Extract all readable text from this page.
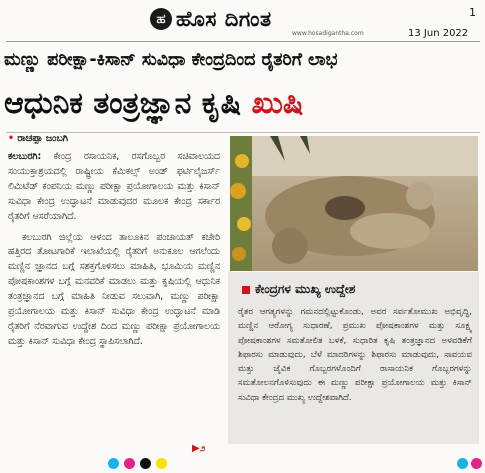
ಹ ಹೊಸ ದಿಗಂತ	1
www.hosadigantha.com	13 Jun 2022
ಮಣ್ಣು ಪರೀಕ್ಷಾ-ಕಿಸಾನ್ ಸುವಿಧಾ ಕೇಂದ್ರದಿಂದ ರೈತರಿಗೆ ಲಾಭ
ಆಧುನಿಕ ತಂತ್ರಜ್ಞಾನ ಕೃಷಿ ಖುಷಿ
• ರಾಚಪ್ಪಾ ಜಂಬಗಿ

ಕಲಬುರಗಿ: ಕೇಂದ್ರ ರಸಾಯನಿಕ, ರಸಗೊಬ್ಬರ ಸಚಿವಾಲಯದ ಸಂಯುಕ್ತಾಶ್ರಯದಲ್ಲಿ ರಾಷ್ಟ್ರೀಯ ಕೆಮಿಕಲ್ಸ್ ಅಂಡ್ ಫರ್ಟಿಲೈಜರ್ಸ್ ಲಿಮಿಟೆಡ್ ಕಂಪನಿಯ ಮಣ್ಣು ಪರೀಕ್ಷಾ ಪ್ರಯೋಗಾಲಯ ಮತ್ತು ಕಿಸಾನ್ ಸುವಿಧಾ ಕೇಂದ್ರ ಉದ್ಘಾಟನೆ ಮಾಡುವುದರ ಮೂಲಕ ಕೇಂದ್ರ ಸರ್ಕಾರ ರೈತರಿಗೆ ಆಸರೆಯಾಗಿದೆ.

ಕಲಬುರಗಿ ಜಿಲ್ಲೆಯ ಆಳಂದ ತಾಲೂಕಿನ ಪಂಚಾಯತ್ ಕಚೇರಿ ಹತ್ತಿರದ ತೋಟಗಾರಿಕೆ ಇಲಾಖೆಯಲ್ಲಿ ರೈತರಿಗೆ ಅನುಕೂಲ ಆಗಲೆಂದು ಮಣ್ಣಿನ ಜ್ಞಾನದ ಬಗ್ಗೆ ಸಶಕ್ತಗೊಳಿಸಲು ಮಾಹಿತಿ, ಭೂಮಿಯ ಮಣ್ಣಿನ ಪೋಷಕಾಂಶಗಳ ಬಗ್ಗೆ ಮನವರಿಕೆ ಮಾಡಲು ಮತ್ತು ಕೃಷಿಯಲ್ಲಿ ಆಧುನಿಕ ತಂತ್ರಜ್ಞಾನದ ಬಗ್ಗೆ ಮಾಹಿತಿ ನೀಡುವ ಸಲುವಾಗಿ, ಮಣ್ಣು ಪರೀಕ್ಷಾ ಪ್ರಯೋಗಾಲಯ ಮತ್ತು ಕಿಸಾನ್ ಸುವಿಧಾ ಕೇಂದ್ರ ಉದ್ಘಾಟನೆ ಮಾಡಿ ರೈತರಿಗೆ ನೆರವಾಗುವ ಉದ್ದೇಶ ದಿಂದ ಮಣ್ಣು ಪರೀಕ್ಷಾ ಪ್ರಯೋಗಾಲಯ ಮತ್ತು ಕಿಸಾನ್ ಸುವಿಧಾ ಕೇಂದ್ರ ಸ್ಥಾಪಿಸಲಾಗಿದೆ.

▶೨
ಕೇಂದ್ರಗಳ ಮುಖ್ಯ ಉದ್ದೇಶ
ರೈತರ ಆಗತ್ಯಗಳನ್ನು ಗಮನದಲ್ಲಿಟ್ಟುಕೊಂಡು, ಅವರ ಸರ್ವತೋಮುಖ ಅಭಿವೃದ್ಧಿ, ಮಣ್ಣಿನ ಆರೋಗ್ಯ ಸುಧಾರಣೆ, ಪ್ರಮುಖ ಪೋಷಕಾಂಶಗಳ ಮತ್ತು ಸೂಕ್ಷ್ಮ ಪೋಷಕಾಂಶಗಳ ಸಮತೋಲಿತ ಬಳಕೆ, ಸುಧಾರಿತ ಕೃಷಿ ತಂತ್ರಜ್ಞಾನದ ಅಳವಡಿಕೆಗೆ ಶಿಫಾರಸು ಮಾಡುವುದು, ಬೆಳೆ ಮಾದರಿಗಳನ್ನು ಶಿಫಾರಸು ಮಾಡುವುದು, ಸಾವಯವ ಮತ್ತು ಜೈವಿಕ ಗೊಬ್ಬರಗಳೊಂದಿಗೆ ರಾಸಾಯನಿಕ ಗೊಬ್ಬರಗಳನ್ನು ಸಮತೋಲನಗೊಳಿಸುವುದು ಈ ಮಣ್ಣು ಪರೀಕ್ಷಾ ಪ್ರಯೋಗಾಲಯ ಮತ್ತು ಕಿಸಾನ್ ಸುವಿಧಾ ಕೇಂದ್ರದ ಮುಖ್ಯ ಉದ್ದೇಶವಾಗಿದೆ.
